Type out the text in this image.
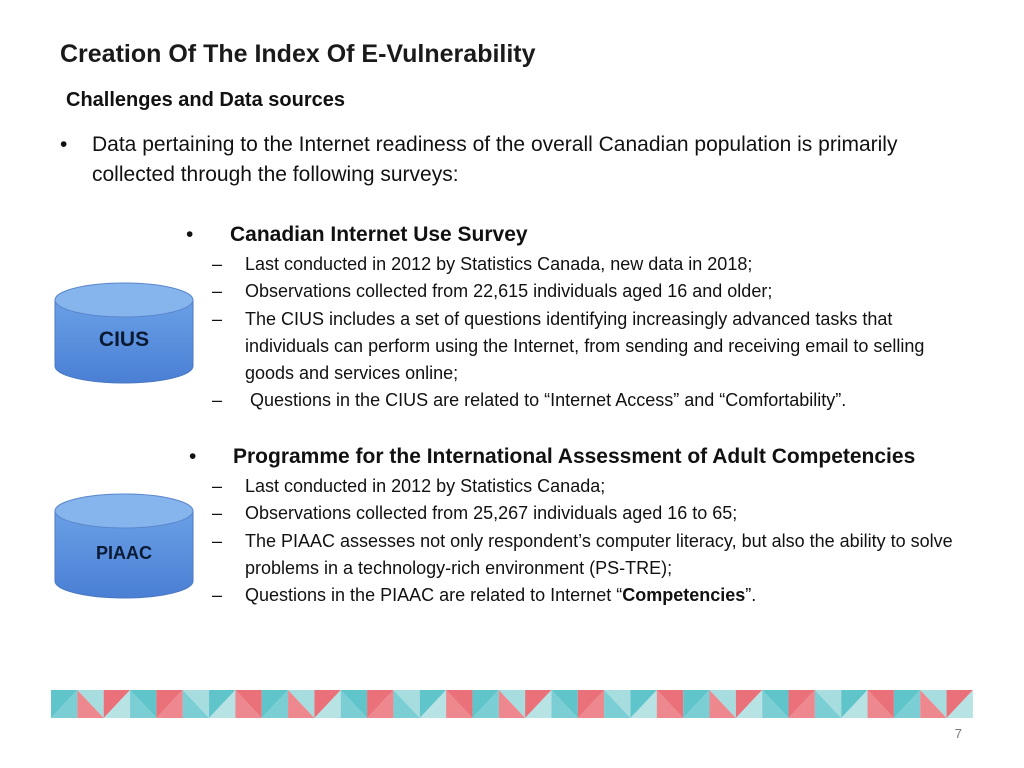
Creation Of The Index Of E-Vulnerability
Challenges and Data sources
• Data pertaining to the Internet readiness of the overall Canadian population is primarily collected through the following surveys:
• Canadian Internet Use Survey
– Last conducted in 2012 by Statistics Canada, new data in 2018;
– Observations collected from 22,615 individuals aged 16 and older;
– The CIUS includes a set of questions identifying increasingly advanced tasks that individuals can perform using the Internet, from sending and receiving email to selling goods and services online;
– Questions in the CIUS are related to “Internet Access” and “Comfortability”.
CIUS
• Programme for the International Assessment of Adult Competencies
– Last conducted in 2012 by Statistics Canada;
– Observations collected from 25,267 individuals aged 16 to 65;
– The PIAAC assesses not only respondent’s computer literacy, but also the ability to solve problems in a technology-rich environment (PS-TRE);
– Questions in the PIAAC are related to Internet “Competencies”.
PIAAC
7
